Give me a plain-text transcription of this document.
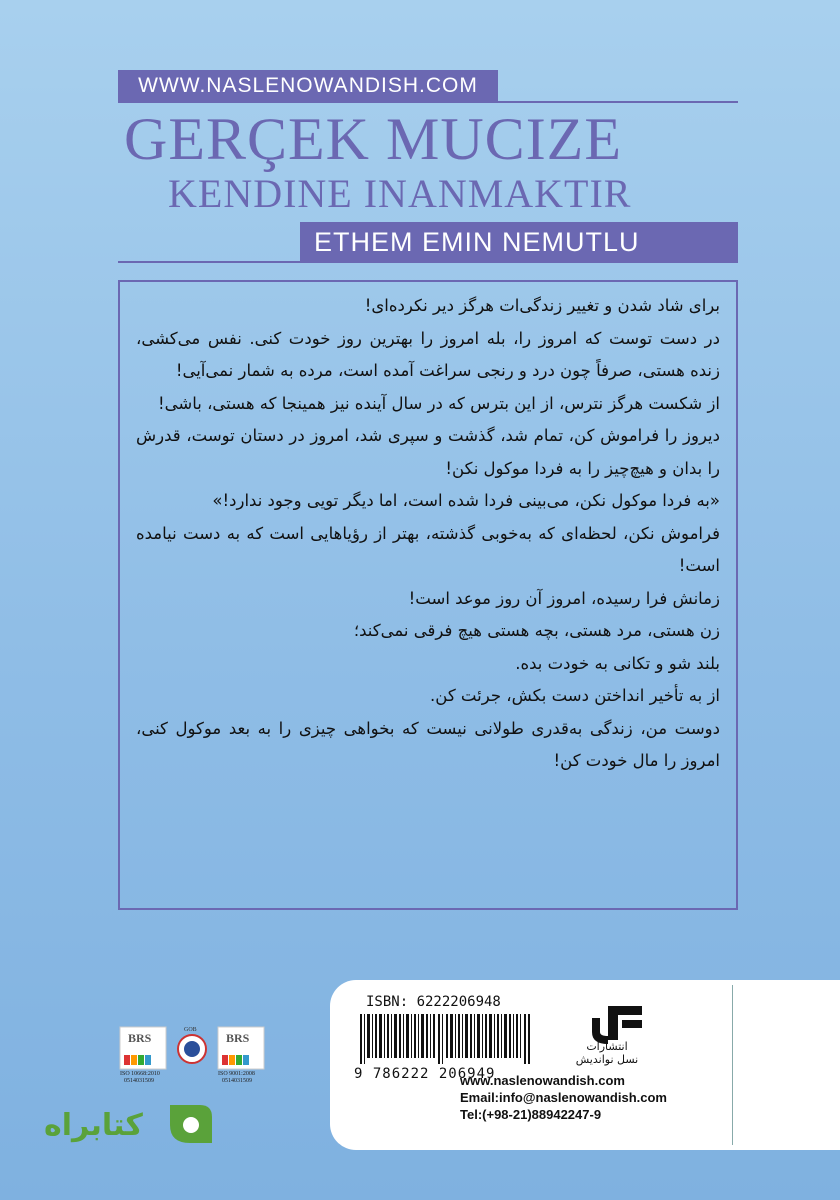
WWW.NASLENOWANDISH.COM
GERÇEK MUCIZE
KENDINE INANMAKTIR
ETHEM EMIN NEMUTLU

برای شاد شدن و تغییر زندگی‌ات هرگز دیر نکرده‌ای!

در دست توست که امروز را، بله امروز را بهترین روز خودت کنی. نفس می‌کشی، زنده هستی، صرفاً چون درد و رنجی سراغت آمده است، مرده به شمار نمی‌آیی!

از شکست هرگز نترس، از این بترس که در سال آینده نیز همینجا که هستی، باشی!

دیروز را فراموش کن، تمام شد، گذشت و سپری شد، امروز در دستان توست، قدرش را بدان و هیچ‌چیز را به فردا موکول نکن!

«به فردا موکول نکن، می‌بینی فردا شده است، اما دیگر تویی وجود ندارد!»

فراموش نکن، لحظه‌ای که به‌خوبی گذشته، بهتر از رؤیاهایی است که به دست نیامده است!

زمانش فرا رسیده، امروز آن روز موعد است!

زن هستی، مرد هستی، بچه هستی هیچ فرقی نمی‌کند؛

بلند شو و تکانی به خودت بده.

از به تأخیر انداختن دست بکش، جرئت کن.

دوست من، زندگی به‌قدری طولانی نیست که بخواهی چیزی را به بعد موکول کنی، امروز را مال خودت کن!

ISBN: 6222206948
9 786222 206949
انتشارات
نسل نواندیش
www.naslenowandish.com
Email:info@naslenowandish.com
Tel:(+98-21)88942247-9
BRS	BRS
GOB
ISO 10668:2010
0514031509
ISO 9001:2008
0514031509
کتابراه
